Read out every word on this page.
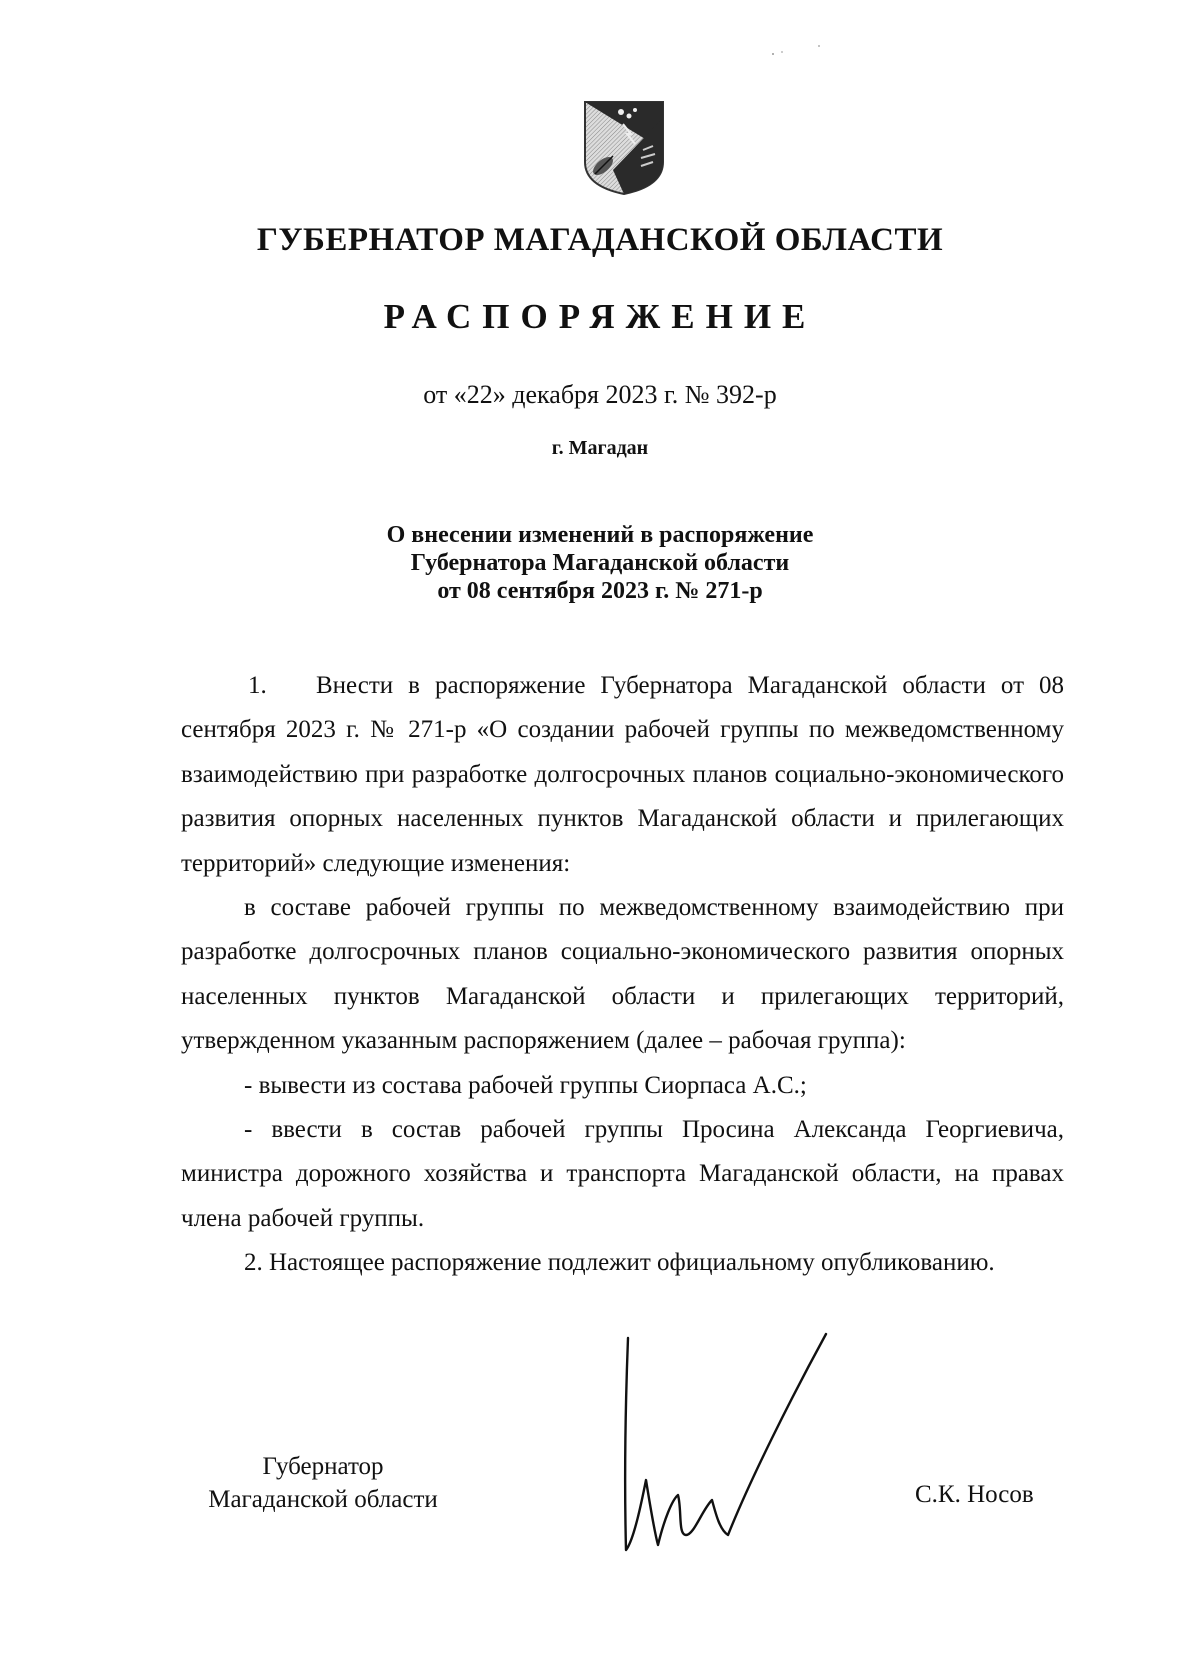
ГУБЕРНАТОР МАГАДАНСКОЙ ОБЛАСТИ
РАСПОРЯЖЕНИЕ
от «22» декабря 2023 г. № 392-р
г. Магадан
О внесении изменений в распоряжение
Губернатора Магаданской области
от 08 сентября 2023 г. № 271-р

1. Внести в распоряжение Губернатора Магаданской области от 08 сентября 2023 г. № 271-р «О создании рабочей группы по межведомственному взаимодействию при разработке долгосрочных планов социально-экономического развития опорных населенных пунктов Магаданской области и прилегающих территорий» следующие изменения:

в составе рабочей группы по межведомственному взаимодействию при разработке долгосрочных планов социально-экономического развития опорных населенных пунктов Магаданской области и прилегающих территорий, утвержденном указанным распоряжением (далее – рабочая группа):

- вывести из состава рабочей группы Сиорпаса А.С.;

- ввести в состав рабочей группы Просина Александа Георгиевича, министра дорожного хозяйства и транспорта Магаданской области, на правах члена рабочей группы.

2. Настоящее распоряжение подлежит официальному опубликованию.

Губернатор
Магаданской области	С.К. Носов
